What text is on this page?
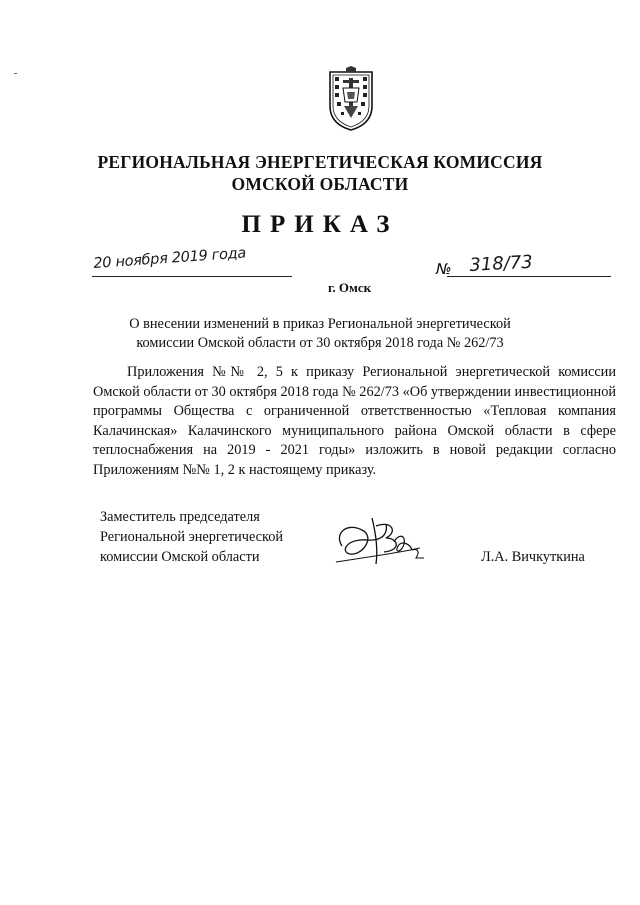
РЕГИОНАЛЬНАЯ ЭНЕРГЕТИЧЕСКАЯ КОМИССИЯ
ОМСКОЙ ОБЛАСТИ
ПРИКАЗ
20 ноября 2019 года	№ 318/73
г. Омск
О внесении изменений в приказ Региональной энергетической
комиссии Омской области от 30 октября 2018 года № 262/73
Приложения №№ 2, 5 к приказу Региональной энергетической комиссии Омской области от 30 октября 2018 года № 262/73 «Об утверждении инвестиционной программы Общества с ограниченной ответственностью «Тепловая компания Калачинская» Калачинского муниципального района Омской области в сфере теплоснабжения на 2019 - 2021 годы» изложить в новой редакции согласно Приложениям №№ 1, 2 к настоящему приказу.
Заместитель председателя
Региональной энергетической
комиссии Омской области	Л.А. Вичкуткина
